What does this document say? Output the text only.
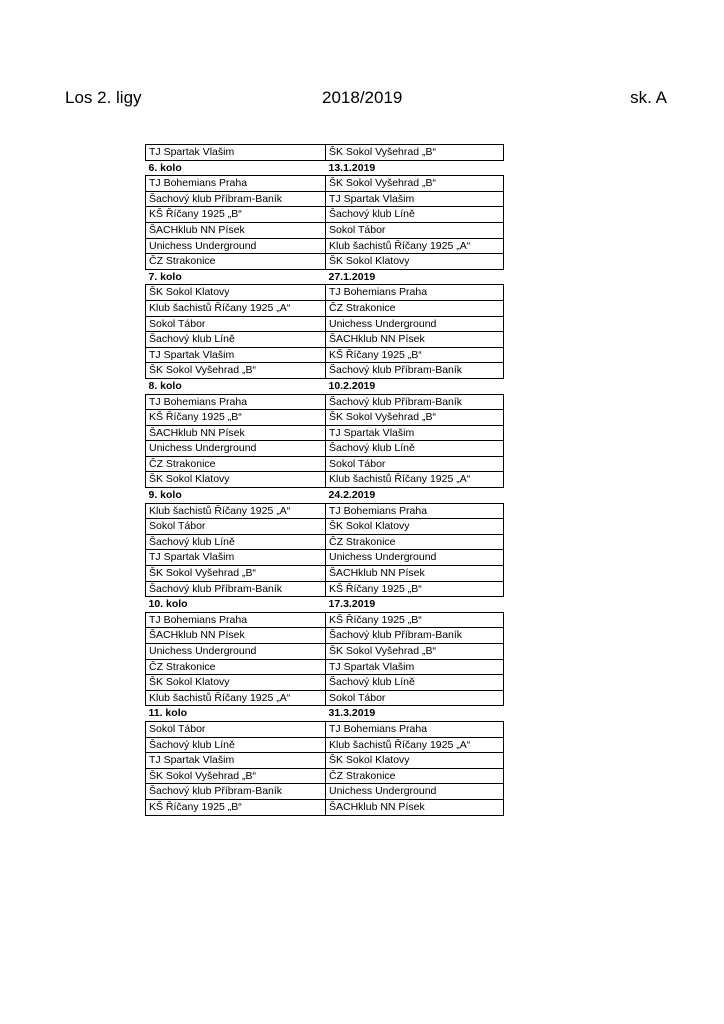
Los 2. ligy	2018/2019	sk. A
TJ Spartak Vlašim	ŠK Sokol Vyšehrad „B“
6. kolo	13.1.2019
TJ Bohemians Praha	ŠK Sokol Vyšehrad „B“
Šachový klub Příbram-Baník	TJ Spartak Vlašim
KŠ Říčany 1925 „B“	Šachový klub Líně
ŠACHklub NN Písek	Sokol Tábor
Unichess Underground	Klub šachistů Říčany 1925 „A“
ČZ Strakonice	ŠK Sokol Klatovy
7. kolo	27.1.2019
ŠK Sokol Klatovy	TJ Bohemians Praha
Klub šachistů Říčany 1925 „A“	ČZ Strakonice
Sokol Tábor	Unichess Underground
Šachový klub Líně	ŠACHklub NN Písek
TJ Spartak Vlašim	KŠ Říčany 1925 „B“
ŠK Sokol Vyšehrad „B“	Šachový klub Příbram-Baník
8. kolo	10.2.2019
TJ Bohemians Praha	Šachový klub Příbram-Baník
KŠ Říčany 1925 „B“	ŠK Sokol Vyšehrad „B“
ŠACHklub NN Písek	TJ Spartak Vlašim
Unichess Underground	Šachový klub Líně
ČZ Strakonice	Sokol Tábor
ŠK Sokol Klatovy	Klub šachistů Říčany 1925 „A“
9. kolo	24.2.2019
Klub šachistů Říčany 1925 „A“	TJ Bohemians Praha
Sokol Tábor	ŠK Sokol Klatovy
Šachový klub Líně	ČZ Strakonice
TJ Spartak Vlašim	Unichess Underground
ŠK Sokol Vyšehrad „B“	ŠACHklub NN Písek
Šachový klub Příbram-Baník	KŠ Říčany 1925 „B“
10. kolo	17.3.2019
TJ Bohemians Praha	KŠ Říčany 1925 „B“
ŠACHklub NN Písek	Šachový klub Příbram-Baník
Unichess Underground	ŠK Sokol Vyšehrad „B“
ČZ Strakonice	TJ Spartak Vlašim
ŠK Sokol Klatovy	Šachový klub Líně
Klub šachistů Říčany 1925 „A“	Sokol Tábor
11. kolo	31.3.2019
Sokol Tábor	TJ Bohemians Praha
Šachový klub Líně	Klub šachistů Říčany 1925 „A“
TJ Spartak Vlašim	ŠK Sokol Klatovy
ŠK Sokol Vyšehrad „B“	ČZ Strakonice
Šachový klub Příbram-Baník	Unichess Underground
KŠ Říčany 1925 „B“	ŠACHklub NN Písek
